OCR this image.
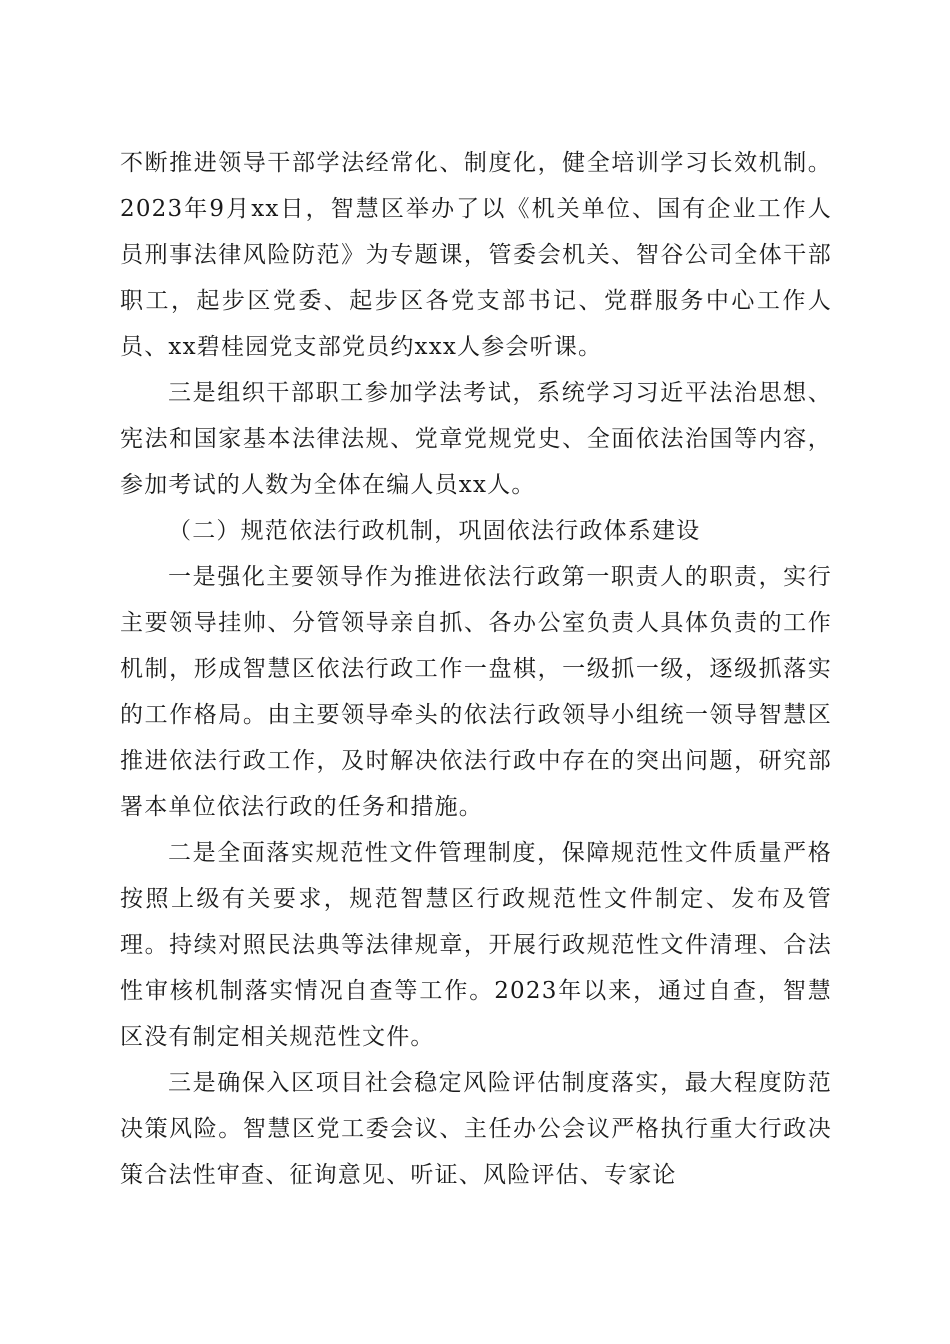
不断推进领导干部学法经常化、制度化，健全培训学习长效机制。2023年9月xx日，智慧区举办了以《机关单位、国有企业工作人员刑事法律风险防范》为专题课，管委会机关、智谷公司全体干部职工，起步区党委、起步区各党支部书记、党群服务中心工作人员、xx碧桂园党支部党员约xxx人参会听课。

三是组织干部职工参加学法考试，系统学习习近平法治思想、宪法和国家基本法律法规、党章党规党史、全面依法治国等内容，参加考试的人数为全体在编人员xx人。

（二）规范依法行政机制，巩固依法行政体系建设

一是强化主要领导作为推进依法行政第一职责人的职责，实行主要领导挂帅、分管领导亲自抓、各办公室负责人具体负责的工作机制，形成智慧区依法行政工作一盘棋，一级抓一级，逐级抓落实的工作格局。由主要领导牵头的依法行政领导小组统一领导智慧区推进依法行政工作，及时解决依法行政中存在的突出问题，研究部署本单位依法行政的任务和措施。

二是全面落实规范性文件管理制度，保障规范性文件质量严格按照上级有关要求，规范智慧区行政规范性文件制定、发布及管理。持续对照民法典等法律规章，开展行政规范性文件清理、合法性审核机制落实情况自查等工作。2023年以来，通过自查，智慧区没有制定相关规范性文件。

三是确保入区项目社会稳定风险评估制度落实，最大程度防范决策风险。智慧区党工委会议、主任办公会议严格执行重大行政决策合法性审查、征询意见、听证、风险评估、专家论
